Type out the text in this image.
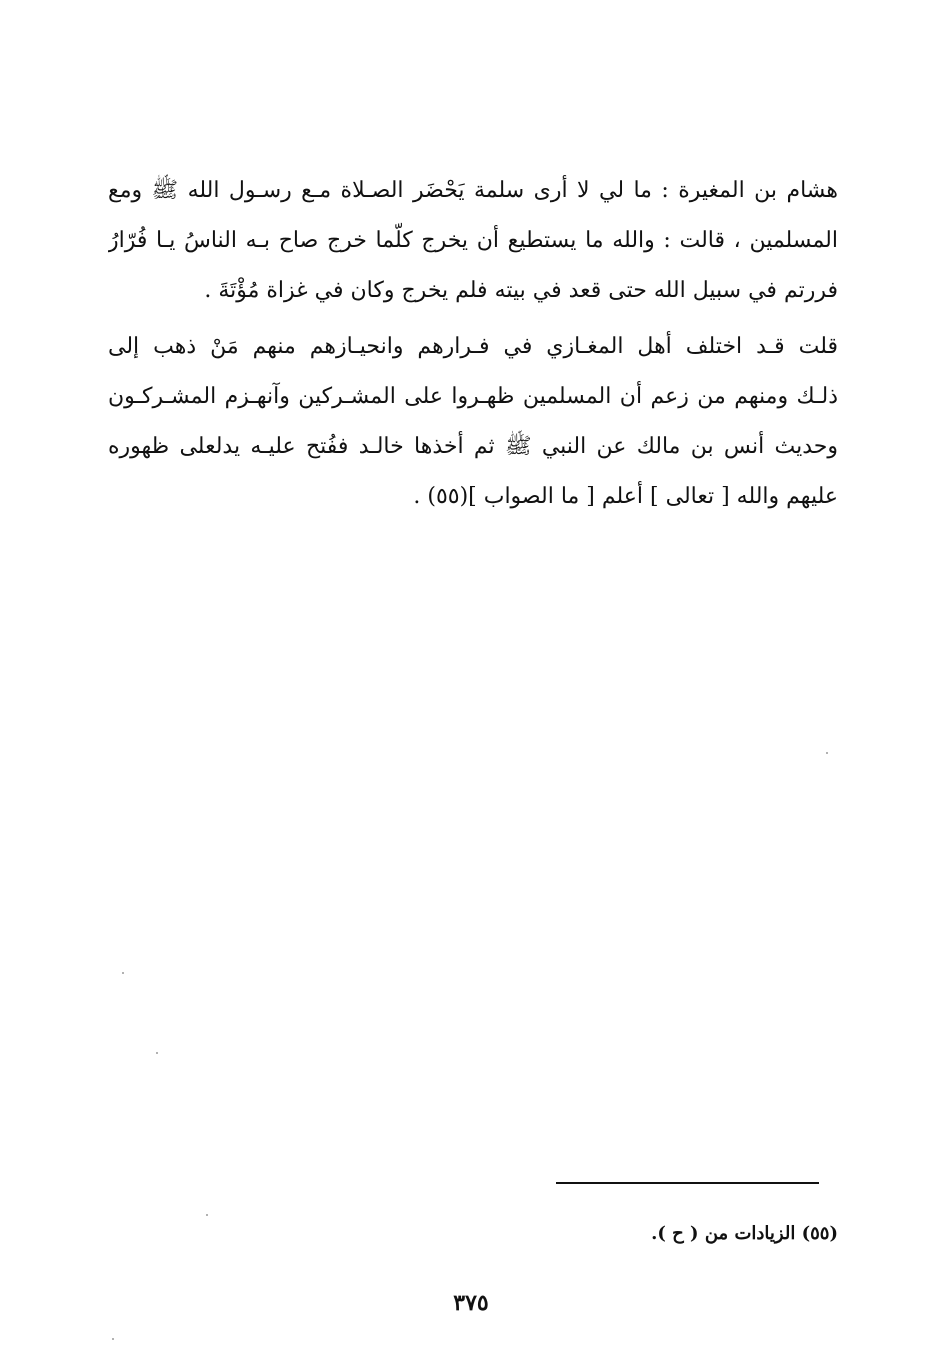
هشام بن المغيرة : ما لي لا أرى سلمة يَحْضَر الصـلاة مـع رسـول الله ﷺ ومع
المسلمين ، قالت : والله ما يستطيع أن يخرج كلّما خرج صاح بـه الناسُ يـا فُرّارُ
فررتم في سبيل الله حتى قعد في بيته فلم يخرج وكان في غزاة مُؤْتَةَ .
قلت قـد اختلف أهل المغـازي في فـرارهم وانحيـازهم منهم مَنْ ذهب إلى
ذلـك ومنهم من زعم أن المسلمين ظهـروا على المشـركين وآنهـزم المشـركـون
وحديث أنس بن مالك عن النبي ﷺ ثم أخذها خالـد ففُتح عليـه يدلعلى ظهوره
عليهم والله [ تعالى ] أعلم [ ما الصواب ](٥٥) .
(٥٥) الزيادات من ( ح ).
٣٧٥
